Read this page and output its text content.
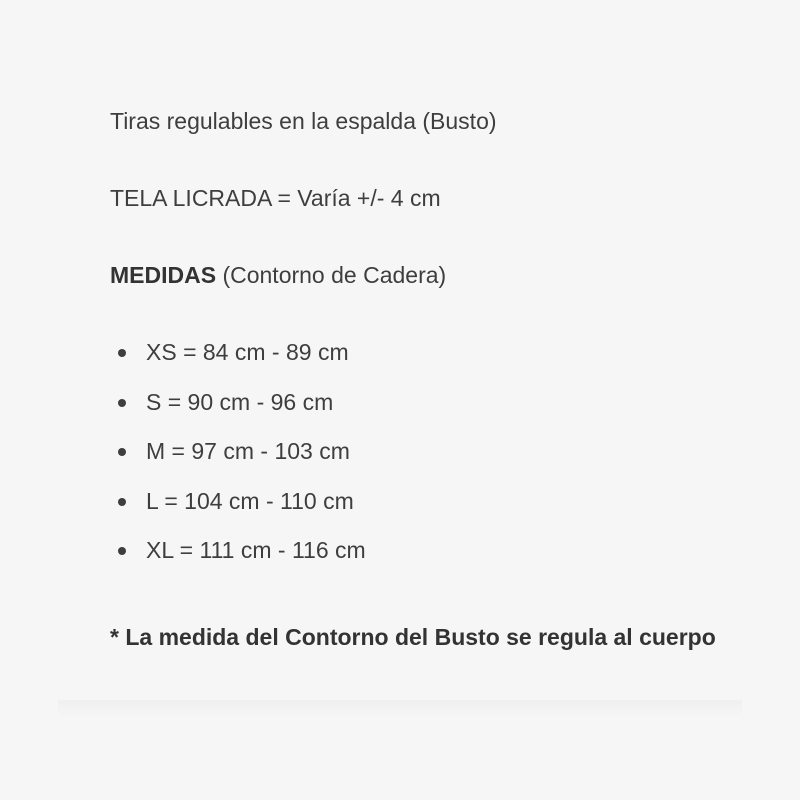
Tiras regulables en la espalda (Busto)
TELA LICRADA = Varía +/- 4 cm
MEDIDAS (Contorno de Cadera)
XS = 84 cm - 89 cm
S = 90 cm - 96 cm
M = 97 cm - 103 cm
L = 104 cm - 110 cm
XL = 111 cm - 116 cm
* La medida del Contorno del Busto se regula al cuerpo
